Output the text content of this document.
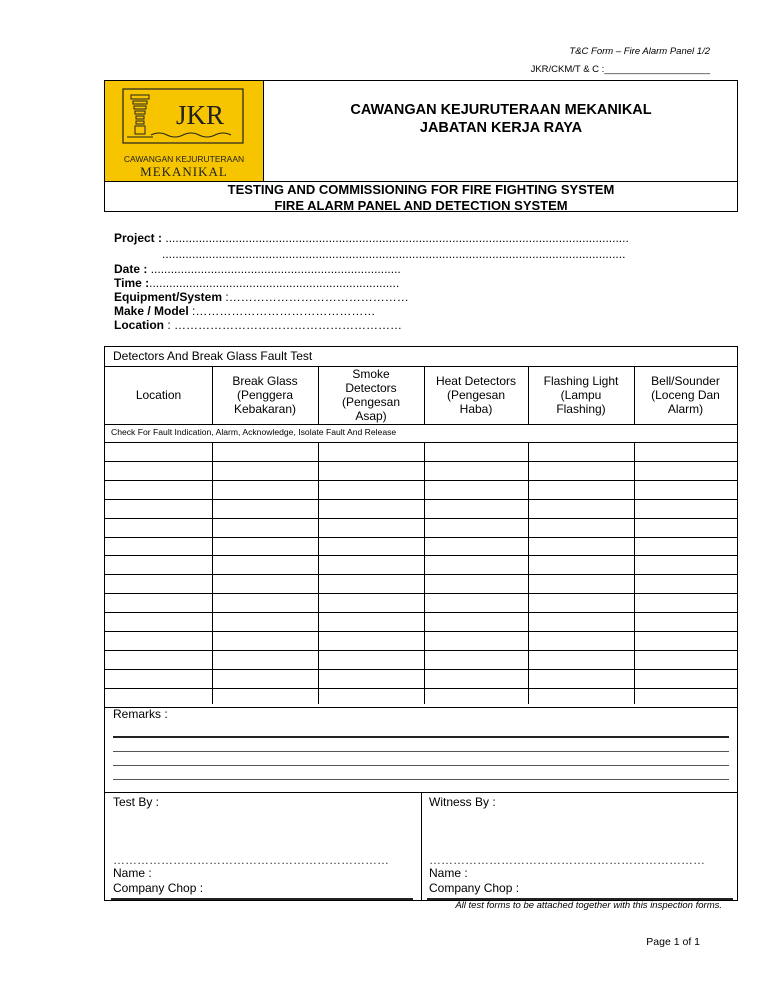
T&C Form – Fire Alarm Panel 1/2
JKR/CKM/T & C :____________________
JKR
CAWANGAN KEJURUTERAAN
MEKANIKAL
CAWANGAN KEJURUTERAAN MEKANIKAL
JABATAN KERJA RAYA
TESTING AND COMMISSIONING FOR FIRE FIGHTING SYSTEM
FIRE ALARM PANEL AND DETECTION SYSTEM
Project : ...........................................................................................................................................
...........................................................................................................................................
Date : ...........................................................................
Time :...........................................................................
Equipment/System :………………………………………
Make / Model :………………………………………
Location : …………………………………………………
Detectors And Break Glass Fault Test
Location
Break Glass
(Penggera
Kebakaran)
Smoke
Detectors
(Pengesan
Asap)
Heat Detectors
(Pengesan
Haba)
Flashing Light
(Lampu
Flashing)
Bell/Sounder
(Loceng Dan
Alarm)
Check For Fault Indication, Alarm, Acknowledge, Isolate Fault And Release
Remarks :
Test By :
……………………………………………………………
Name :
Company Chop :
Witness By :
……………………………………………………………
Name :
Company Chop :
All test forms to be attached together with this inspection forms.
Page 1 of 1
